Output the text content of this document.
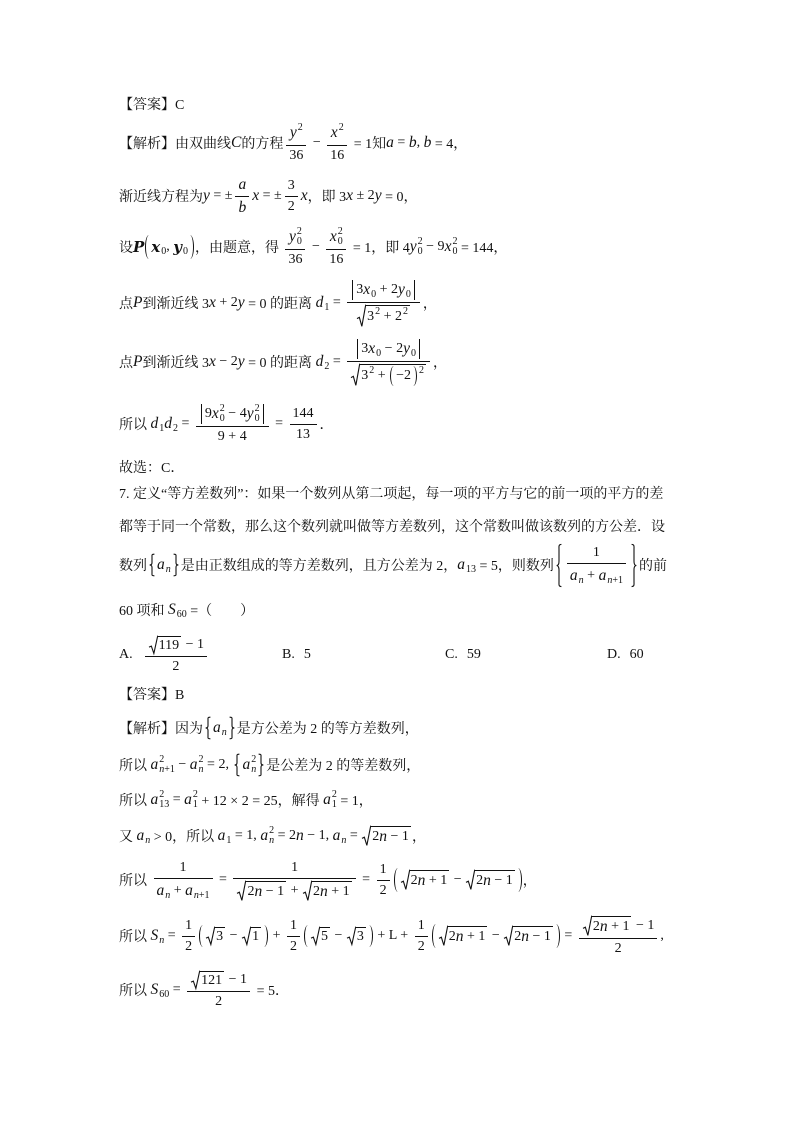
【答案】C
【解析】由双曲线 C 的方程 $\frac{y 2}{36} - \frac{x 2}{16} = 1$知 a = b , b = 4，
渐近线方程为 y = ± $\frac{a}{b}$ x = ± $\frac{3}{2}$ x ，即 3 x ± 2 y = 0，
设 P x 0 , y 0 ，由题意，得 y 2
0
36 − x 2
0
16 = 1，即 4 y 2
0 − 9 x 2
0 = 144，
点 P 到渐近线 3 x + 2 y = 0 的距离 d $1 = \frac{3 x 0 + 2 y 0}{3 2 + 2 2}$ ，
点 P 到渐近线 3 x − 2 y = 0 的距离 d $2 = \frac{3 x 0 - 2 y 0}{3 2 + -2 2}$ ，
所以 d 1 d 2 = 9 x 2
0 − 4 y 2
0
$9 + 4 = \frac{144}{13}$ ．
故选：C．
7. 定义“等方差数列”：如果一个数列从第二项起，每一项的平方与它的前一项的平方的差
都等于同一个常数，那么这个数列就叫做等方差数列，这个常数叫做该数列的方公差．设
数列 a n 是由正数组成的等方差数列，且方公差为 2， a 13 = 5，则数列 $\frac{1}{\text{a n + a n +1}}$ 的前
60 项和 S 60 =（　　）
A. $\frac{119 - 1}{2}$	B. 5	C. 59	D. 60
【答案】B
【解析】因为 a n 是方公差为 2 的等方差数列，
所以 a 2
n +1 − a 2
n = 2, a 2
n 是公差为 2 的等差数列，
所以 a 2
13 = a 2
1 + 12 × 2 = 25，解得 a 2
1 = 1，
又 a n > 0，所以 a 1 = 1, a 2
n = 2 n − 1, a n = 2 n − 1 ，
所以 $\frac{1}{\text{a n + a n +1}} = \frac{1}{2 n - 1 + 2 n + 1} = \frac{1}{2} 2$ n + 1 − 2 n − 1 ，
所以 S $n = \frac{1}{2} 3 - 1 + \frac{1}{2} 5 - 3 + L + \frac{1}{2} 2$ n + 1 − 2 $n - 1 = \frac{2 n + 1 - 1}{2}$ ,
所以 S $60 = \frac{121 - 1}{2} = 5$．
